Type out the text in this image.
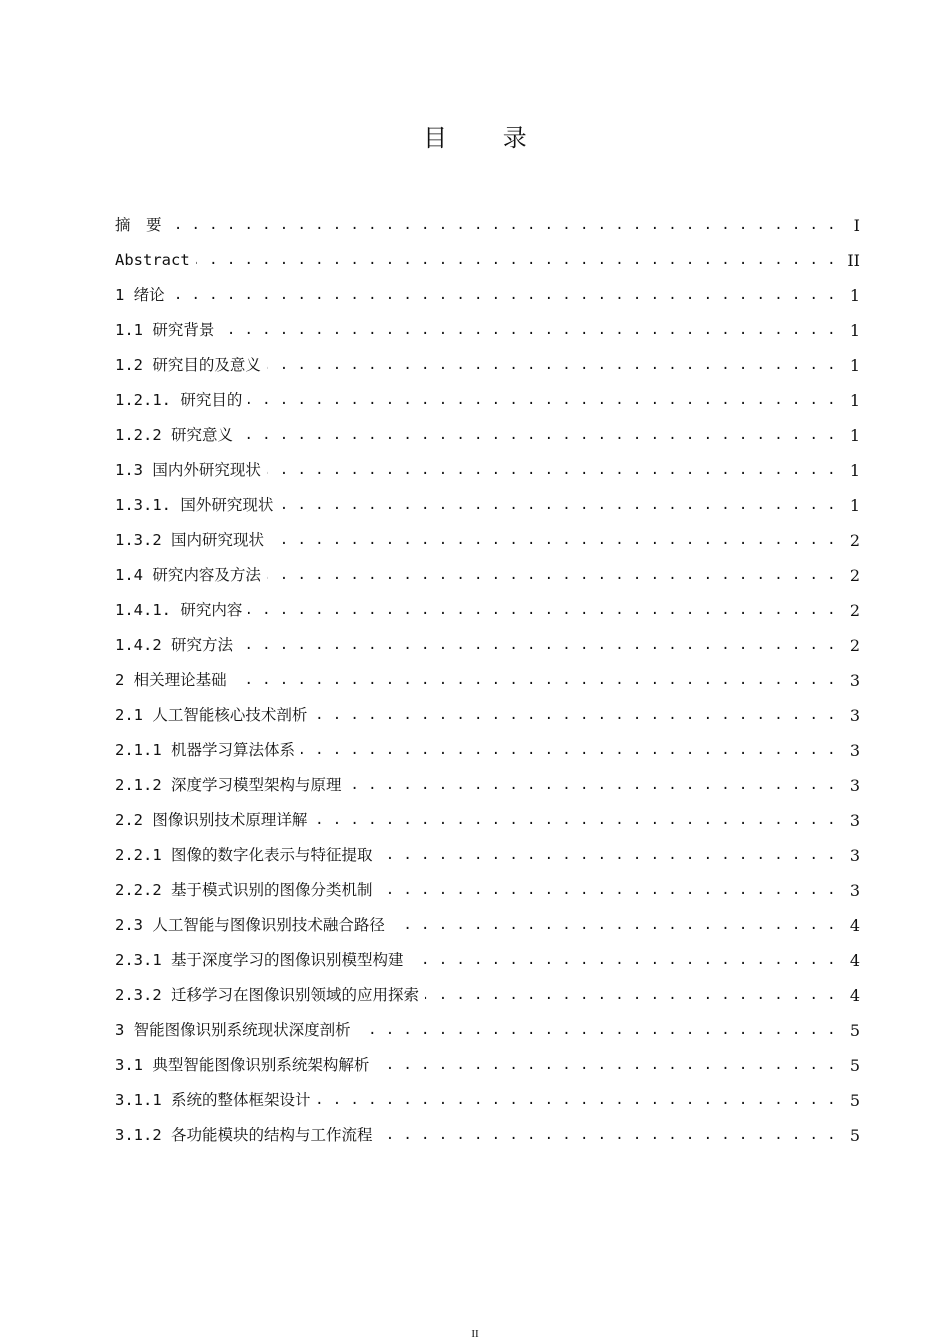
目 录
摘　要 . . .	I
Abstract . . .	II
1 绪论 . . .	1
1.1 研究背景 . . .	1
1.2 研究目的及意义 . . .	1
1.2.1. 研究目的 . . .	1
1.2.2 研究意义 . . .	1
1.3 国内外研究现状 . . .	1
1.3.1. 国外研究现状 . . .	1
1.3.2 国内研究现状 . . .	2
1.4 研究内容及方法 . . .	2
1.4.1. 研究内容 . . .	2
1.4.2 研究方法 . . .	2
2 相关理论基础 . . .	3
2.1 人工智能核心技术剖析 . . .	3
2.1.1 机器学习算法体系 . . .	3
2.1.2 深度学习模型架构与原理 . . .	3
2.2 图像识别技术原理详解 . . .	3
2.2.1 图像的数字化表示与特征提取 . . .	3
2.2.2 基于模式识别的图像分类机制 . . .	3
2.3 人工智能与图像识别技术融合路径 . . .	4
2.3.1 基于深度学习的图像识别模型构建 . . .	4
2.3.2 迁移学习在图像识别领域的应用探索 . . .	4
3 智能图像识别系统现状深度剖析 . . .	5
3.1 典型智能图像识别系统架构解析 . . .	5
3.1.1 系统的整体框架设计 . . .	5
3.1.2 各功能模块的结构与工作流程 . . .	5
II
